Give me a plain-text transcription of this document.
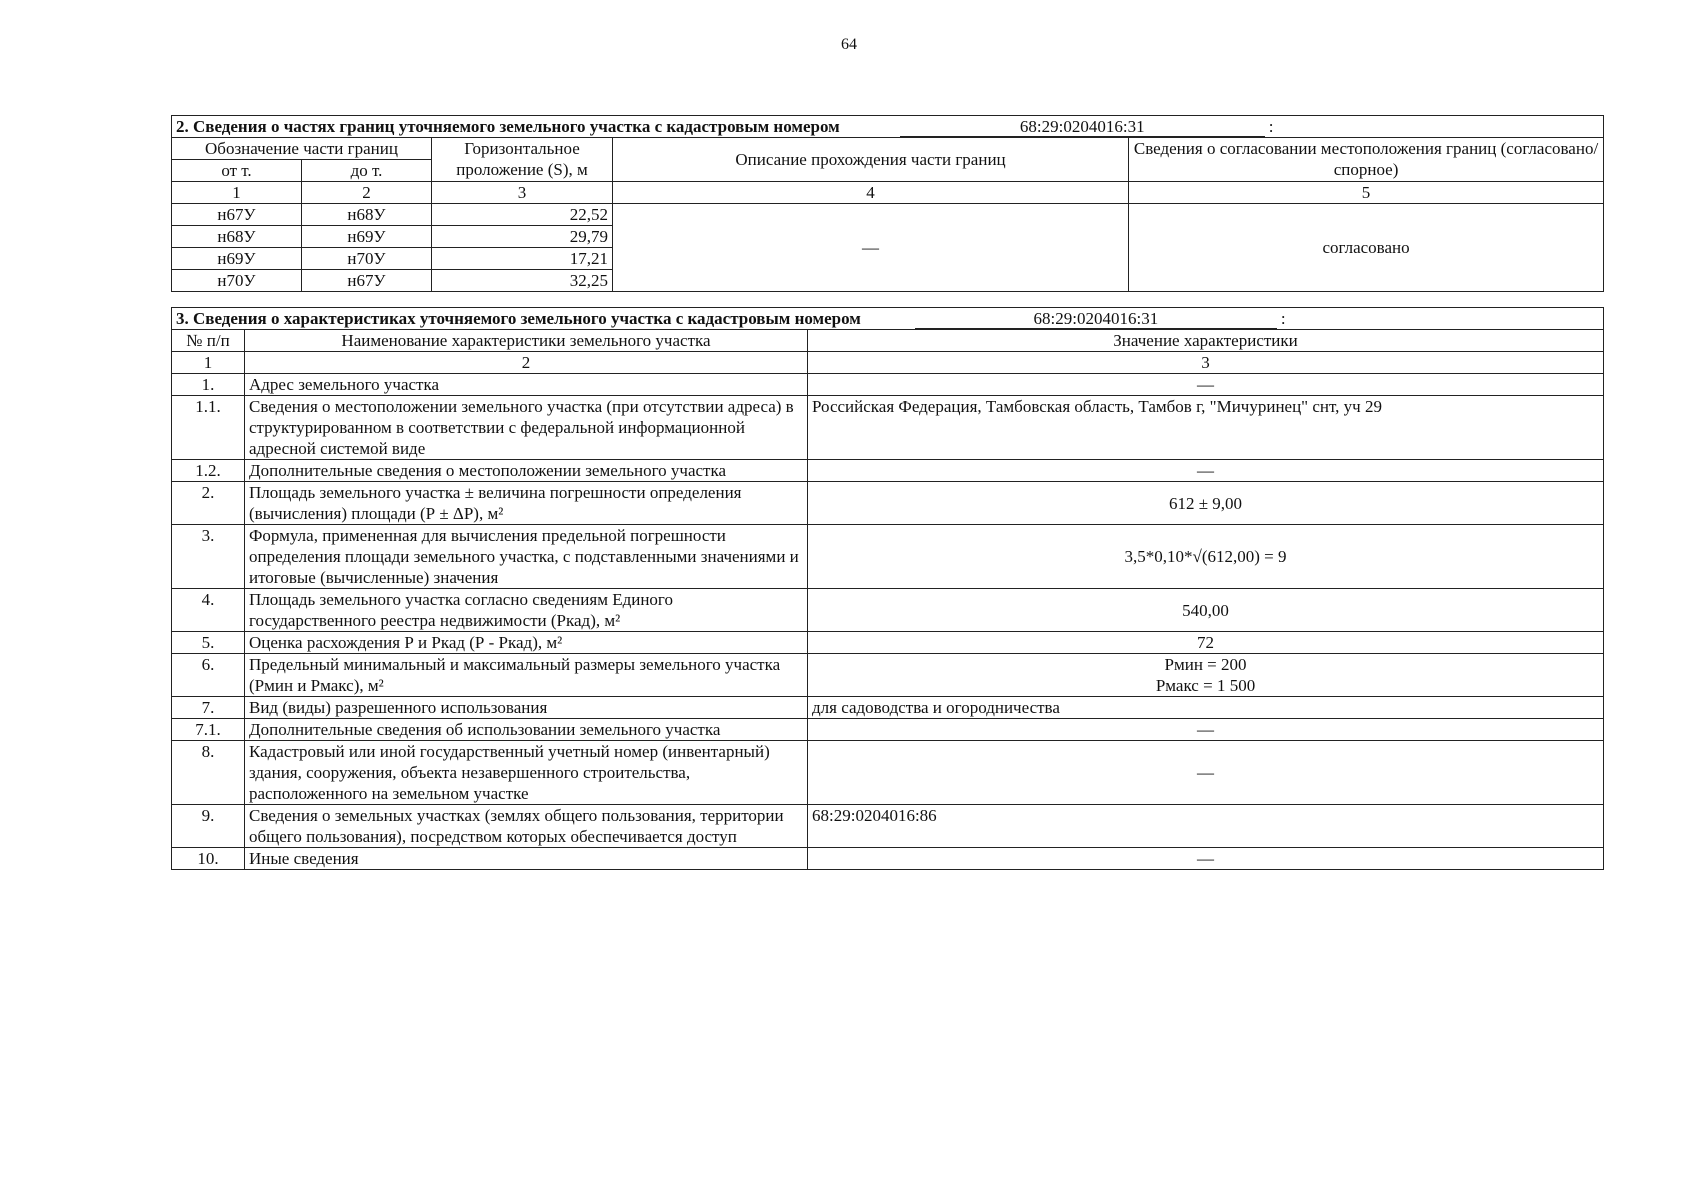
64
2. Сведения о частях границ уточняемого земельного участка с кадастровым номером 68:29:0204016:31 :				

Обозначение части границ		Горизонтальное проложение (S), м	Описание прохождения части границ	Сведения о согласовании местоположения границ (согласовано/спорное)
от т.	до т.			
1	2	3	4	5
н67У	н68У	22,52	—	согласовано
н68У	н69У	29,79		
н69У	н70У	17,21		
н70У	н67У	32,25		
3. Сведения о характеристиках уточняемого земельного участка с кадастровым номером 68:29:0204016:31 :		

№ п/п	Наименование характеристики земельного участка	Значение характеристики
1	2	3
1.	Адрес земельного участка	—
1.1.	Сведения о местоположении земельного участка (при отсутствии адреса) в структурированном в соответствии с федеральной информационной адресной системой виде	Российская Федерация, Тамбовская область, Тамбов г, "Мичуринец" снт, уч 29
1.2.	Дополнительные сведения о местоположении земельного участка	—
2.	Площадь земельного участка ± величина погрешности определения (вычисления) площади (Р ± ΔР), м²	612 ± 9,00
3.	Формула, примененная для вычисления предельной погрешности определения площади земельного участка, с подставленными значениями и итоговые (вычисленные) значения	3,5*0,10*√(612,00) = 9
4.	Площадь земельного участка согласно сведениям Единого государственного реестра недвижимости (Ркад), м²	540,00
5.	Оценка расхождения Р и Ркад (Р - Ркад), м²	72
6.	Предельный минимальный и максимальный размеры земельного участка (Рмин и Рмакс), м²	Рмин = 200
Рмакс = 1 500

7.	Вид (виды) разрешенного использования	для садоводства и огородничества
7.1.	Дополнительные сведения об использовании земельного участка	—
8.	Кадастровый или иной государственный учетный номер (инвентарный) здания, сооружения, объекта незавершенного строительства, расположенного на земельном участке	—
9.	Сведения о земельных участках (землях общего пользования, территории общего пользования), посредством которых обеспечивается доступ	68:29:0204016:86
10.	Иные сведения	—
